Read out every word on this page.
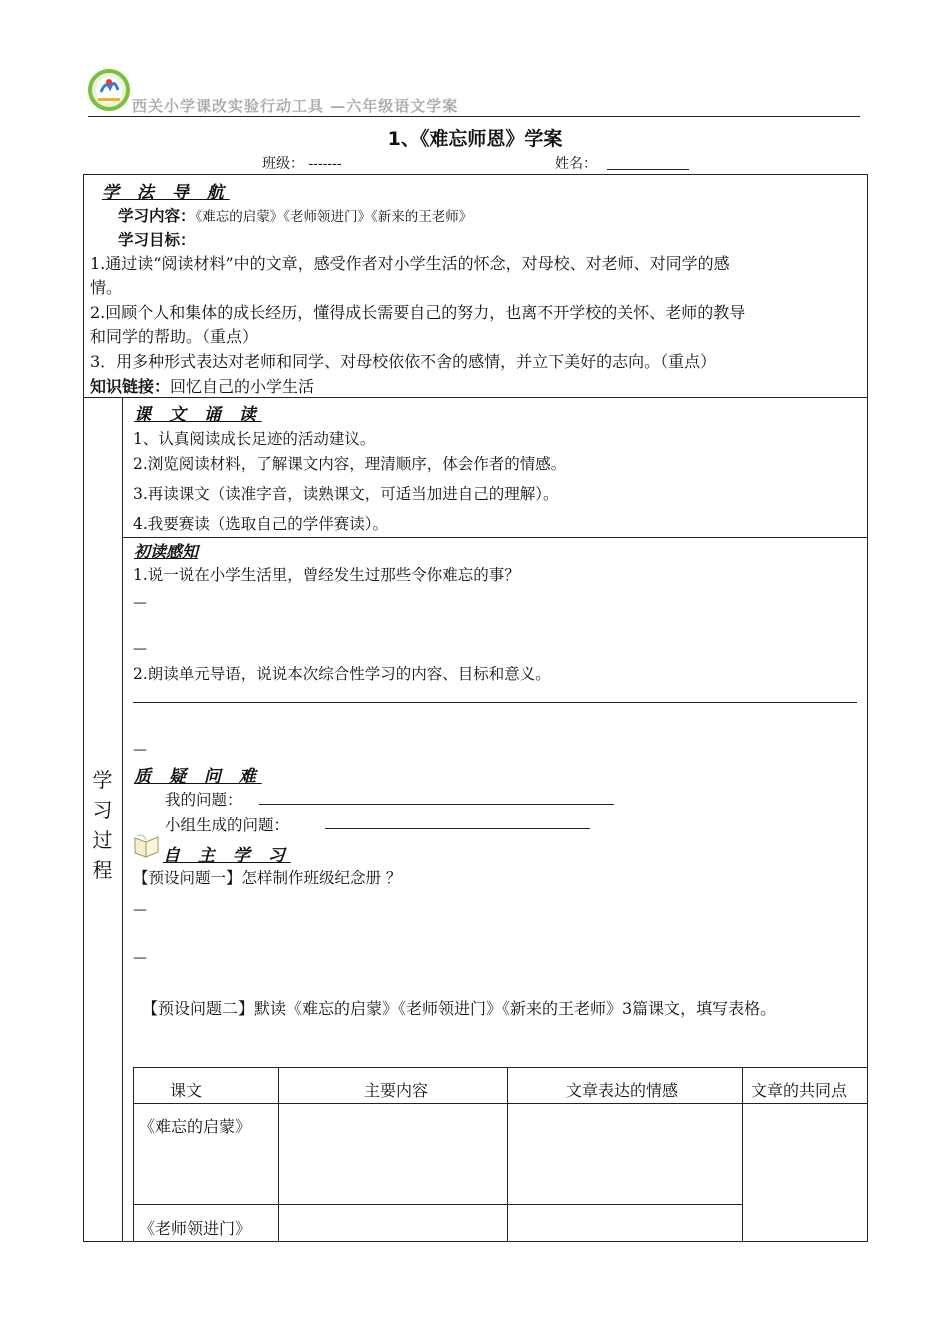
西关小学课改实验行动工具 —六年级语文学案
1、《难忘师恩》学案
班级： -------	姓名：
学 法 导 航
学习内容：《难忘的启蒙》《老师领进门》《新来的王老师》
学习目标：
1.通过读“阅读材料”中的文章，感受作者对小学生活的怀念，对母校、对老师、对同学的感
情。
2.回顾个人和集体的成长经历，懂得成长需要自己的努力，也离不开学校的关怀、老师的教导
和同学的帮助。（重点）
3．用多种形式表达对老师和同学、对母校依依不舍的感情，并立下美好的志向。（重点）
知识链接：回忆自己的小学生活
学
习
过
程
课 文 诵 读
1、认真阅读成长足迹的活动建议。
2.浏览阅读材料，了解课文内容，理清顺序，体会作者的情感。
3.再读课文（读准字音，读熟课文，可适当加进自己的理解）。
4.我要赛读（选取自己的学伴赛读）。
初读感知
1.说一说在小学生活里，曾经发生过那些令你难忘的事？
—
—
2.朗读单元导语，说说本次综合性学习的内容、目标和意义。
—
质 疑 问 难
我的问题：
小组生成的问题：
自 主 学 习
【预设问题一】怎样制作班级纪念册 ？
—
—
【预设问题二】默读《难忘的启蒙》《老师领进门》《新来的王老师》3篇课文，填写表格。
课文	主要内容	文章表达的情感	文章的共同点
《难忘的启蒙》
《老师领进门》
